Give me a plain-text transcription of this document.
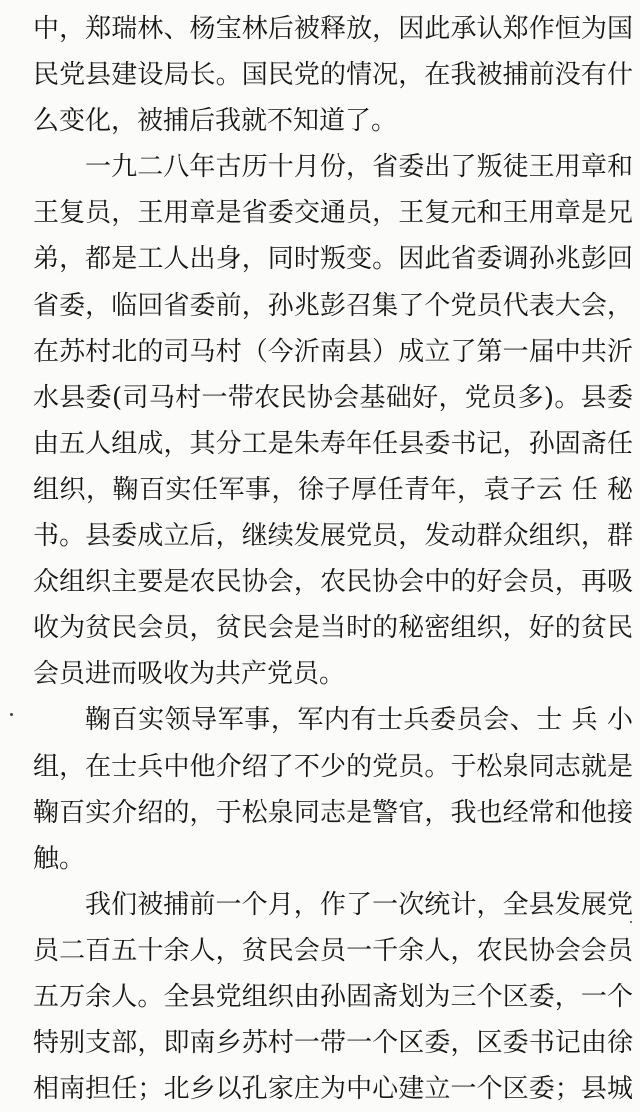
中，郑瑞林、杨宝林后被释放，因此承认郑作恒为国
民党县建设局长。国民党的情况，在我被捕前没有什
么变化，被捕后我就不知道了。
一九二八年古历十月份，省委出了叛徒王用章和
王复员，王用章是省委交通员，王复元和王用章是兄
弟，都是工人出身，同时叛变。因此省委调孙兆彭回
省委，临回省委前，孙兆彭召集了个党员代表大会，
在苏村北的司马村（今沂南县）成立了第一届中共沂
水县委(司马村一带农民协会基础好，党员多)。县委
由五人组成，其分工是朱寿年任县委书记，孙固斋任
组织，鞠百实任军事，徐子厚任青年，袁子云 任 秘
书。县委成立后，继续发展党员，发动群众组织，群
众组织主要是农民协会，农民协会中的好会员，再吸
收为贫民会员，贫民会是当时的秘密组织，好的贫民
会员进而吸收为共产党员。
鞠百实领导军事，军内有士兵委员会、士 兵 小
组，在士兵中他介绍了不少的党员。于松泉同志就是
鞠百实介绍的，于松泉同志是警官，我也经常和他接
触。
我们被捕前一个月，作了一次统计，全县发展党
员二百五十余人，贫民会员一千余人，农民协会会员
五万余人。全县党组织由孙固斋划为三个区委，一个
特别支部，即南乡苏村一带一个区委，区委书记由徐
相南担任；北乡以孔家庄为中心建立一个区委；县城
